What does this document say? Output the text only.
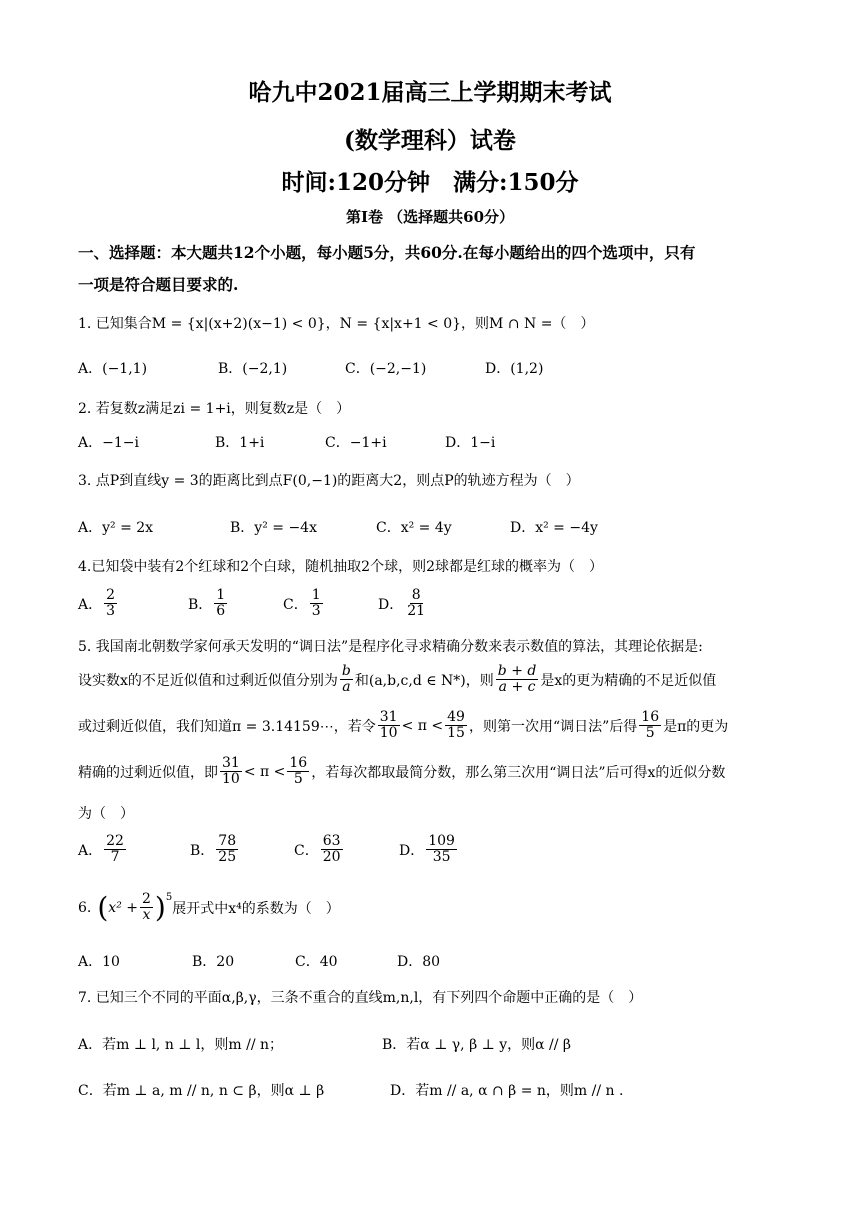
哈九中2021届高三上学期期末考试
(数学理科）试卷
时间:120分钟　满分:150分
第Ⅰ卷 （选择题共60分）
一、选择题：本大题共12个小题，每小题5分，共60分.在每小题给出的四个选项中，只有
一项是符合题目要求的.
1. 已知集合M = {x|(x+2)(x−1) < 0}，N = {x|x+1 < 0}，则M ∩ N =（　）
A．(−1,1)	B．(−2,1)	C．(−2,−1)	D．(1,2)
2. 若复数z满足zi = 1+i，则复数z是（　）
A．−1−i	B．1+i	C．−1+i	D．1−i
3. 点P到直线y = 3的距离比到点F(0,−1)的距离大2，则点P的轨迹方程为（　）
A．y² = 2x	B．y² = −4x	C．x² = 4y	D．x² = −4y
4.已知袋中装有2个红球和2个白球，随机抽取2个球，则2球都是红球的概率为（　）
A． $\frac{2}{3}$	B． $\frac{1}{6}$	C． $\frac{1}{3}$	D． $\frac{8}{21}$
5. 我国南北朝数学家何承天发明的“调日法”是程序化寻求精确分数来表示数值的算法，其理论依据是:
设实数x的不足近似值和过剩近似值分别为 $\frac{b}{a}$ 和(a,b,c,d ∈ N*)，则 $\frac{b + d}{a + c}$ 是x的更为精确的不足近似值
或过剩近似值，我们知道π = 3.14159⋯，若令 $\frac{31}{10} < \pi < \frac{49}{15}$ ，则第一次用“调日法”后得 $\frac{16}{5}$ 是π的更为
精确的过剩近似值，即 $\frac{31}{10} < \pi < \frac{16}{5}$ ，若每次都取最简分数，那么第三次用“调日法”后可得x的近似分数
为（　）
A． $\frac{22}{7}$	B． $\frac{78}{25}$	C． $\frac{63}{20}$	D． $\frac{109}{35}$
6. ( $x^2 + \frac{2}{x} )^5$
展开式中x⁴的系数为（　）
A．10	B．20	C．40	D．80
7. 已知三个不同的平面α,β,γ，三条不重合的直线m,n,l，有下列四个命题中正确的是（　）
A．若m ⊥ l, n ⊥ l，则m // n；	B．若α ⊥ γ, β ⊥ y，则α // β
C．若m ⊥ a, m // n, n ⊂ β，则α ⊥ β	D．若m // a, α ∩ β = n，则m // n .
